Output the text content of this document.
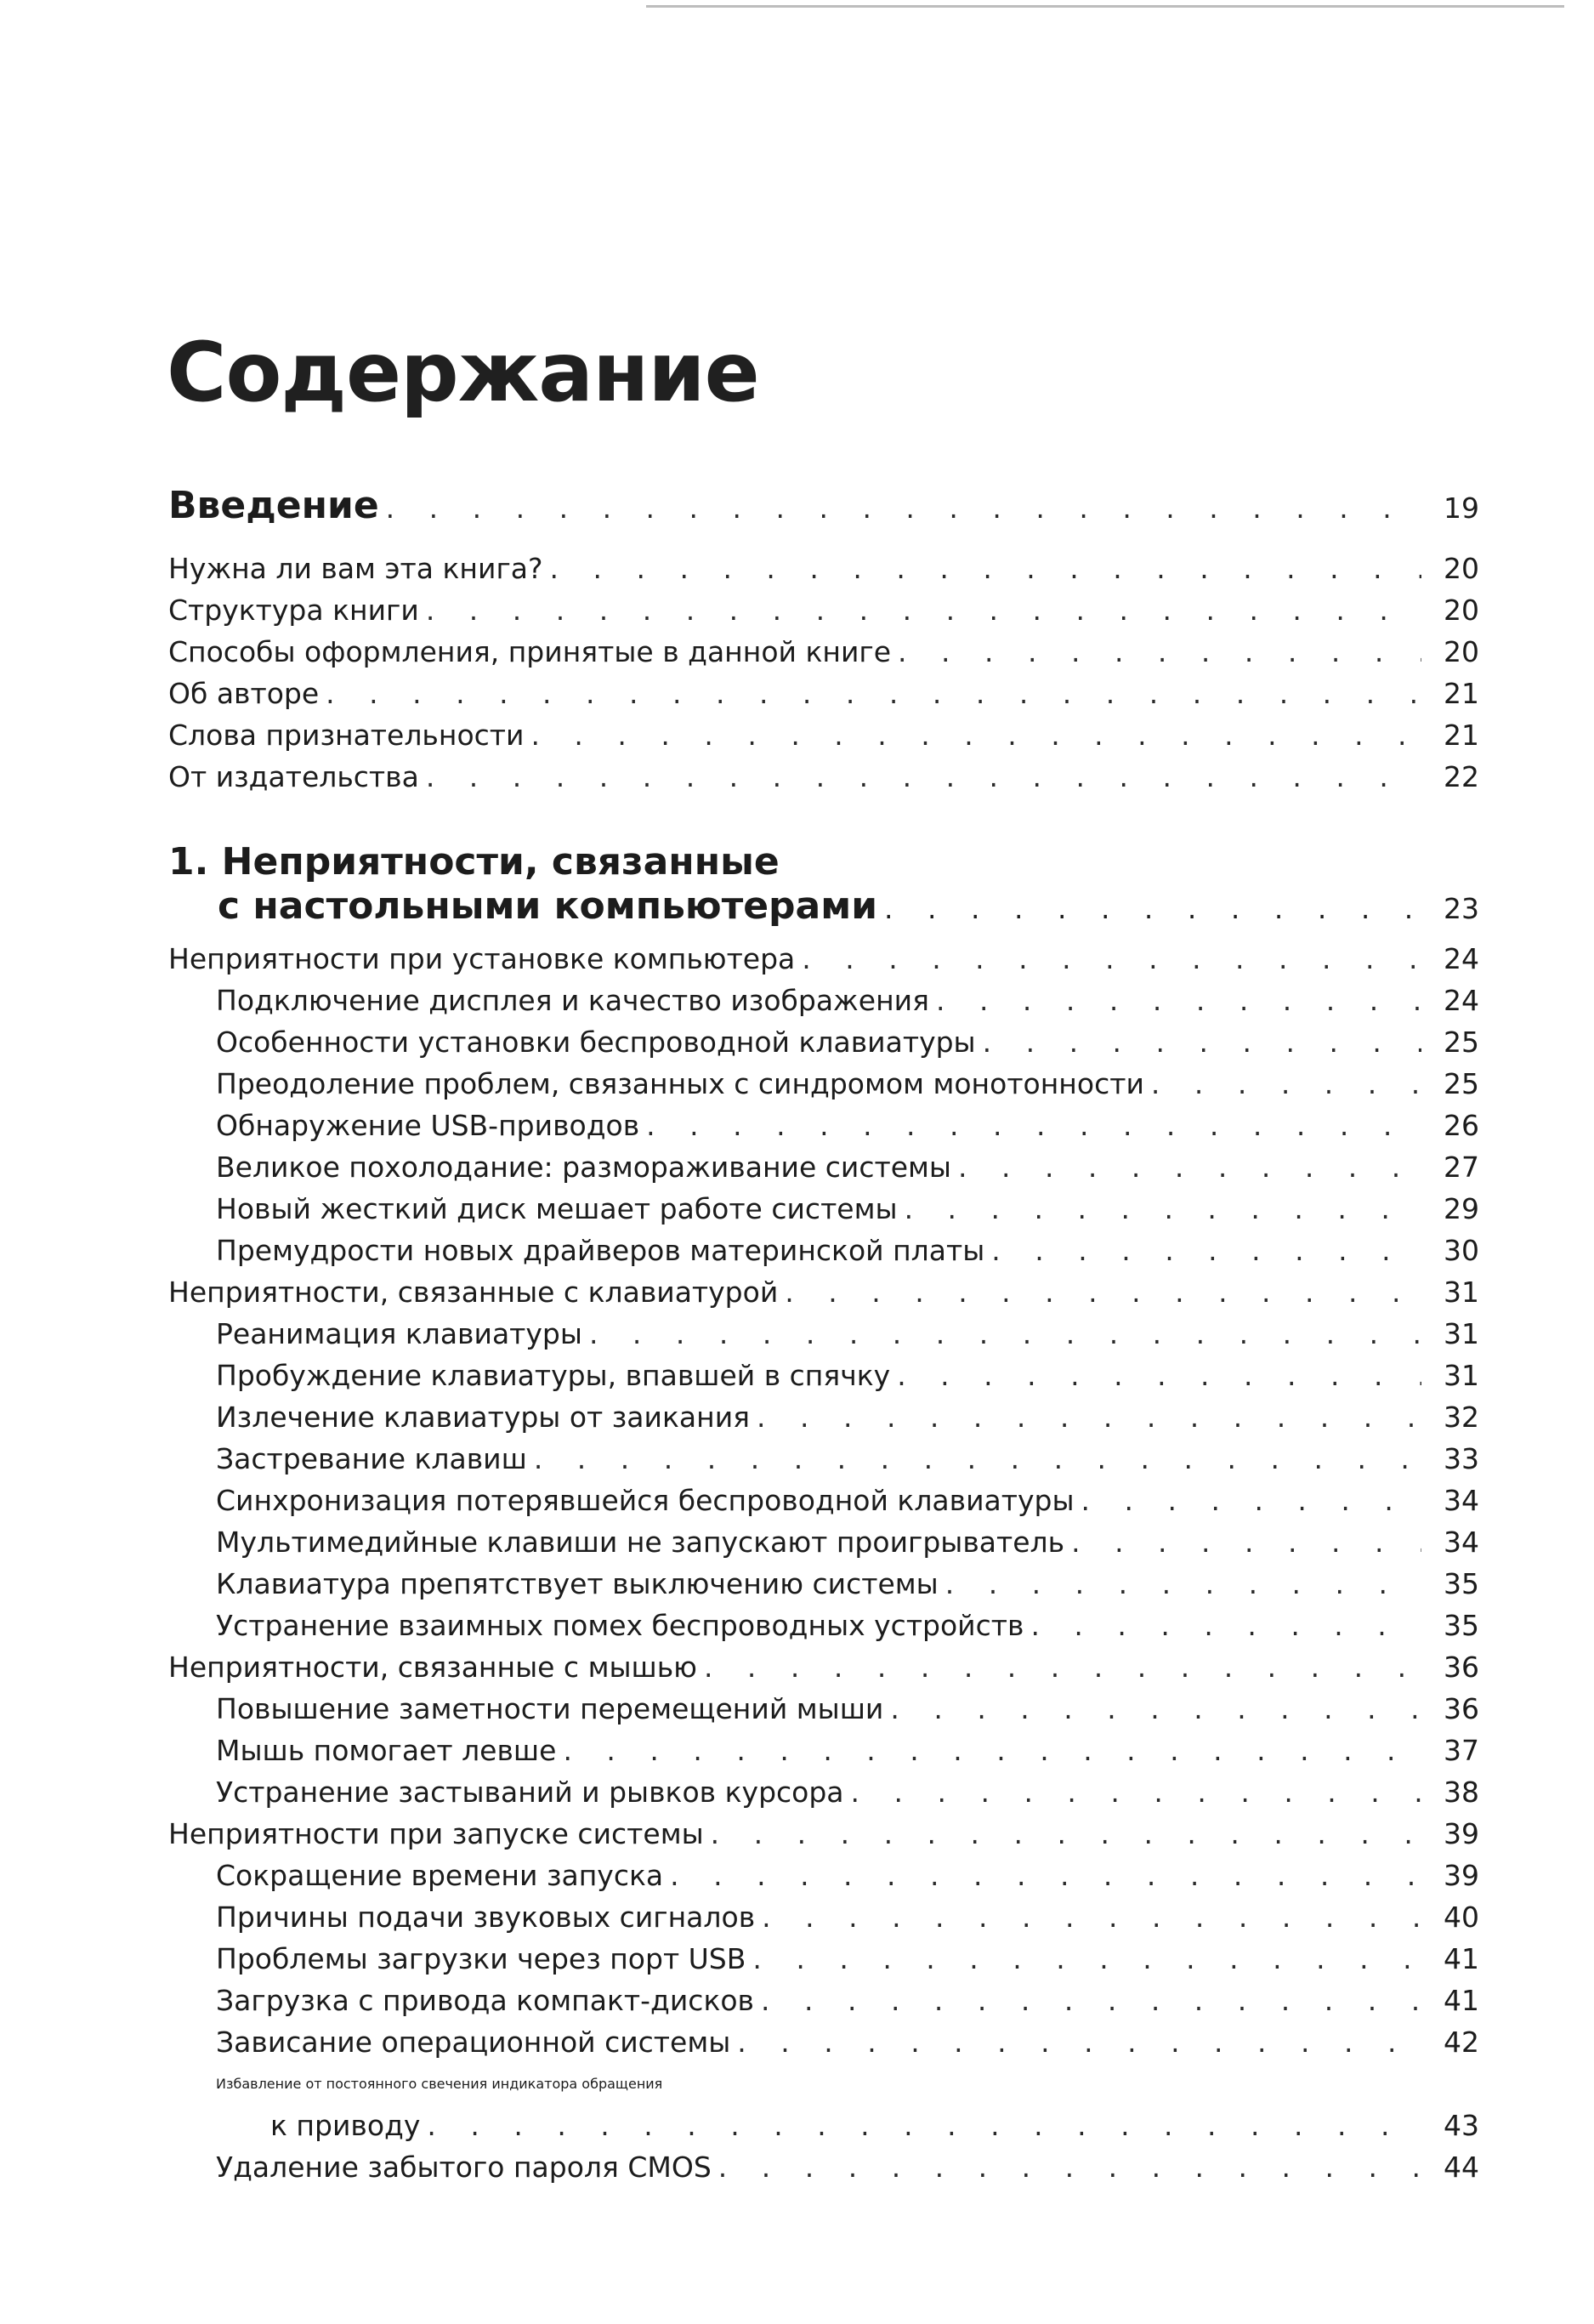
Содержание
Введение . . .	19
Нужна ли вам эта книга? . . .	20
Структура книги . . .	20
Способы оформления, принятые в данной книге . . .	20
Об авторе . . .	21
Слова признательности . . .	21
От издательства . . .	22
1. Неприятности, связанные
с настольными компьютерами . . .	23
Неприятности при установке компьютера . . .	24
Подключение дисплея и качество изображения . . .	24
Особенности установки беспроводной клавиатуры . . .	25
Преодоление проблем, связанных с синдромом монотонности . . .	25
Обнаружение USB-приводов . . .	26
Великое похолодание: размораживание системы . . .	27
Новый жесткий диск мешает работе системы . . .	29
Премудрости новых драйверов материнской платы . . .	30
Неприятности, связанные с клавиатурой . . .	31
Реанимация клавиатуры . . .	31
Пробуждение клавиатуры, впавшей в спячку . . .	31
Излечение клавиатуры от заикания . . .	32
Застревание клавиш . . .	33
Синхронизация потерявшейся беспроводной клавиатуры . . .	34
Мультимедийные клавиши не запускают проигрыватель . . .	34
Клавиатура препятствует выключению системы . . .	35
Устранение взаимных помех беспроводных устройств . . .	35
Неприятности, связанные с мышью . . .	36
Повышение заметности перемещений мыши . . .	36
Мышь помогает левше . . .	37
Устранение застываний и рывков курсора . . .	38
Неприятности при запуске системы . . .	39
Сокращение времени запуска . . .	39
Причины подачи звуковых сигналов . . .	40
Проблемы загрузки через порт USB . . .	41
Загрузка с привода компакт-дисков . . .	41
Зависание операционной системы . . .	42
Избавление от постоянного свечения индикатора обращения
к приводу . . .	43
Удаление забытого пароля CMOS . . .	44
